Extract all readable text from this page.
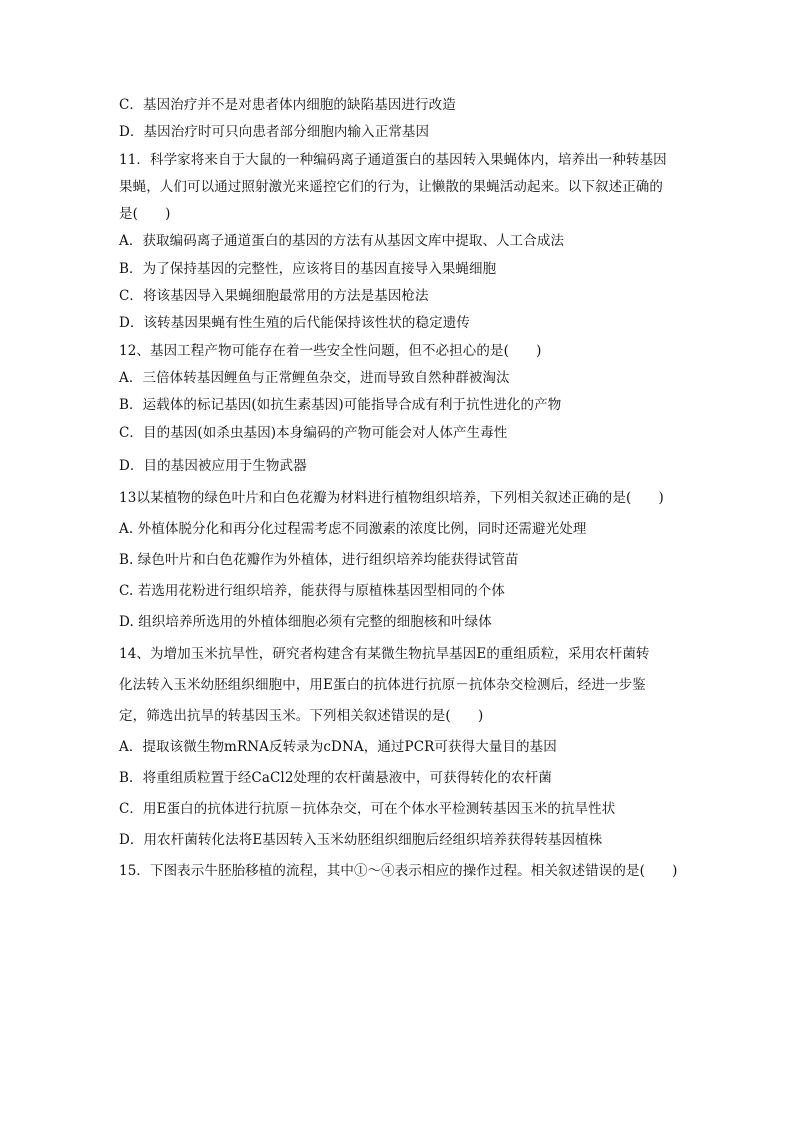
C．基因治疗并不是对患者体内细胞的缺陷基因进行改造
D．基因治疗时可只向患者部分细胞内输入正常基因
11．科学家将来自于大鼠的一种编码离子通道蛋白的基因转入果蝇体内，培养出一种转基因
果蝇，人们可以通过照射激光来遥控它们的行为，让懒散的果蝇活动起来。以下叙述正确的
是(　　)
A．获取编码离子通道蛋白的基因的方法有从基因文库中提取、人工合成法
B．为了保持基因的完整性，应该将目的基因直接导入果蝇细胞
C．将该基因导入果蝇细胞最常用的方法是基因枪法
D．该转基因果蝇有性生殖的后代能保持该性状的稳定遗传
12、基因工程产物可能存在着一些安全性问题，但不必担心的是(　　)
A．三倍体转基因鲤鱼与正常鲤鱼杂交，进而导致自然种群被淘汰
B．运载体的标记基因(如抗生素基因)可能指导合成有利于抗性进化的产物
C．目的基因(如杀虫基因)本身编码的产物可能会对人体产生毒性
D．目的基因被应用于生物武器
13以某植物的绿色叶片和白色花瓣为材料进行植物组织培养，下列相关叙述正确的是(　　)
A. 外植体脱分化和再分化过程需考虑不同激素的浓度比例，同时还需避光处理
B. 绿色叶片和白色花瓣作为外植体，进行组织培养均能获得试管苗
C. 若选用花粉进行组织培养，能获得与原植株基因型相同的个体
D. 组织培养所选用的外植体细胞必须有完整的细胞核和叶绿体
14、为增加玉米抗旱性，研究者构建含有某微生物抗旱基因E的重组质粒，采用农杆菌转
化法转入玉米幼胚组织细胞中，用E蛋白的抗体进行抗原－抗体杂交检测后，经进一步鉴
定，筛选出抗旱的转基因玉米。下列相关叙述错误的是(　　)
A．提取该微生物mRNA反转录为cDNA，通过PCR可获得大量目的基因
B．将重组质粒置于经CaCl2处理的农杆菌悬液中，可获得转化的农杆菌
C．用E蛋白的抗体进行抗原－抗体杂交，可在个体水平检测转基因玉米的抗旱性状
D．用农杆菌转化法将E基因转入玉米幼胚组织细胞后经组织培养获得转基因植株
15．下图表示牛胚胎移植的流程，其中①～④表示相应的操作过程。相关叙述错误的是(　　)
